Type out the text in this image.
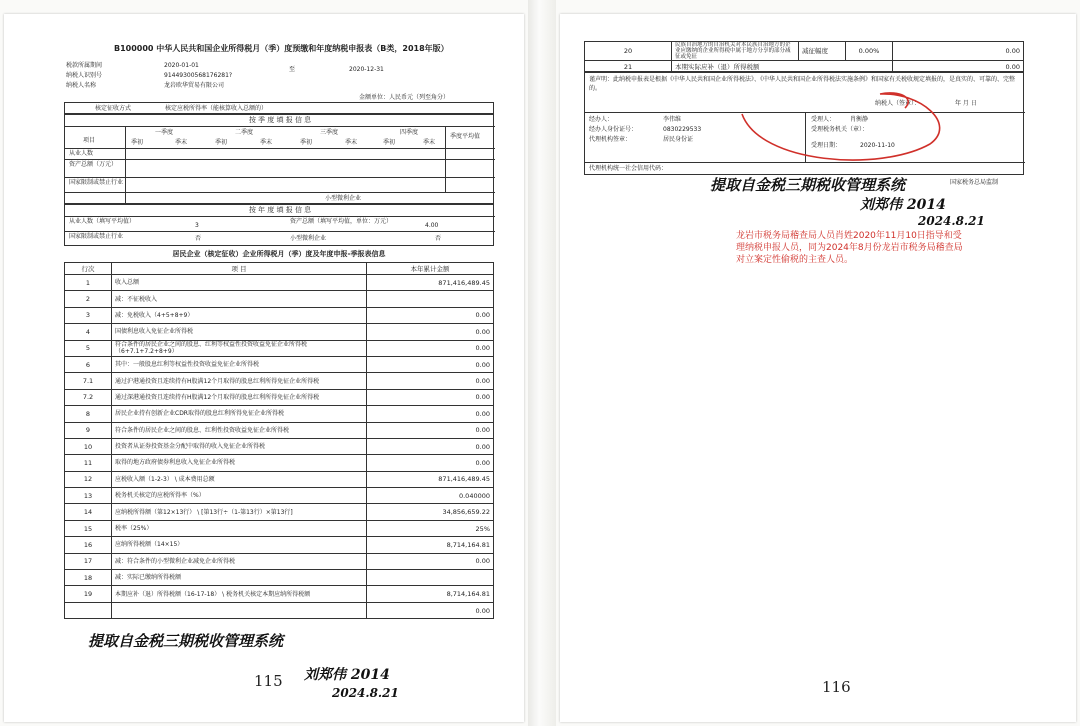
B100000 中华人民共和国企业所得税月（季）度预缴和年度纳税申报表（B类，2018年版）
税款所属期间	2020-01-01
至	2020-12-31
纳税人识别号	91449300568176281?
纳税人名称	龙岩欧华贸易有限公司
金额单位：人民币元（列至角分）
核定征收方式	核定应税所得率（能核算收入总额的）
按 季 度 填 报 信 息
项目
一季度	二季度	三季度	四季度
季初	季末	季初	季末	季初	季末	季初	季末
季度平均值
从业人数
资产总额（万元）
国家限制或禁止行业
小型微利企业
按 年 度 填 报 信 息
从业人数（填写平均值）
3
资产总额（填写平均值，单位：万元）
4.00
国家限制或禁止行业	否	小型微利企业	否
居民企业（核定征收）企业所得税月（季）度及年度申报-季报表信息
行次	项 目	本年累计金额
1	收入总额	871,416,489.45
2	减：不征税收入	
3	减：免税收入（4+5+8+9）	0.00
4	国债利息收入免征企业所得税	0.00
5	符合条件的居民企业之间的股息、红利等权益性投资收益免征企业所得税（6+7.1+7.2+8+9）	0.00
6	其中：一般股息红利等权益性投资收益免征企业所得税	0.00
7.1	通过沪港通投资且连续持有H股满12个月取得的股息红利所得免征企业所得税	0.00
7.2	通过深港通投资且连续持有H股满12个月取得的股息红利所得免征企业所得税	0.00
8	居民企业持有创新企业CDR取得的股息红利所得免征企业所得税	0.00
9	符合条件的居民企业之间的股息、红利性投资收益免征企业所得税	0.00
10	投资者从证券投资基金分配中取得的收入免征企业所得税	0.00
11	取得的地方政府债券利息收入免征企业所得税	0.00
12	应税收入额（1-2-3） \ 成本费用总额	871,416,489.45
13	税务机关核定的应税所得率（%）	0.040000
14	应纳税所得额（第12×13行） \ [第13行÷（1-第13行）×第13行]	34,856,659.22
15	税率（25%）	25%
16	应纳所得税额（14×15）	8,714,164.81
17	减：符合条件的小型微利企业减免企业所得税	0.00
18	减：实际已缴纳所得税额	
19	本期应补（退）所得税额（16-17-18） \ 税务机关核定本期应纳所得税额	8,714,164.81
		0.00
提取自金税三期税收管理系统
刘郑伟 2014
2024.8.21
115
20	民族自治地方的自治机关对本民族自治地方的企业应缴纳的企业所得税中属于地方分享的部分减征或免征	减征幅度	0.00%	0.00
21	本期实际应补（退）所得税额			0.00
谨声明：此纳税申报表是根据《中华人民共和国企业所得税法》、《中华人民共和国企业所得税法实施条例》和国家有关税收规定填报的，是真实的、可靠的、完整的。
纳税人（签章）：	年 月 日
经办人：	李伟维
经办人身份证号：	0830229533
代理机构签章：	居民身份证
受理人： 肖衡静
受理税务机关（章）：
受理日期：	2020-11-10
代理机构统一社会信用代码：
国家税务总局监制
提取自金税三期税收管理系统
刘郑伟 2014
2024.8.21
龙岩市税务局稽查局人员肖姓2020年11月10日指导和受理纳税申报人员，同为2024年8月份龙岩市税务局稽查局对立案定性偷税的主查人员。
116
